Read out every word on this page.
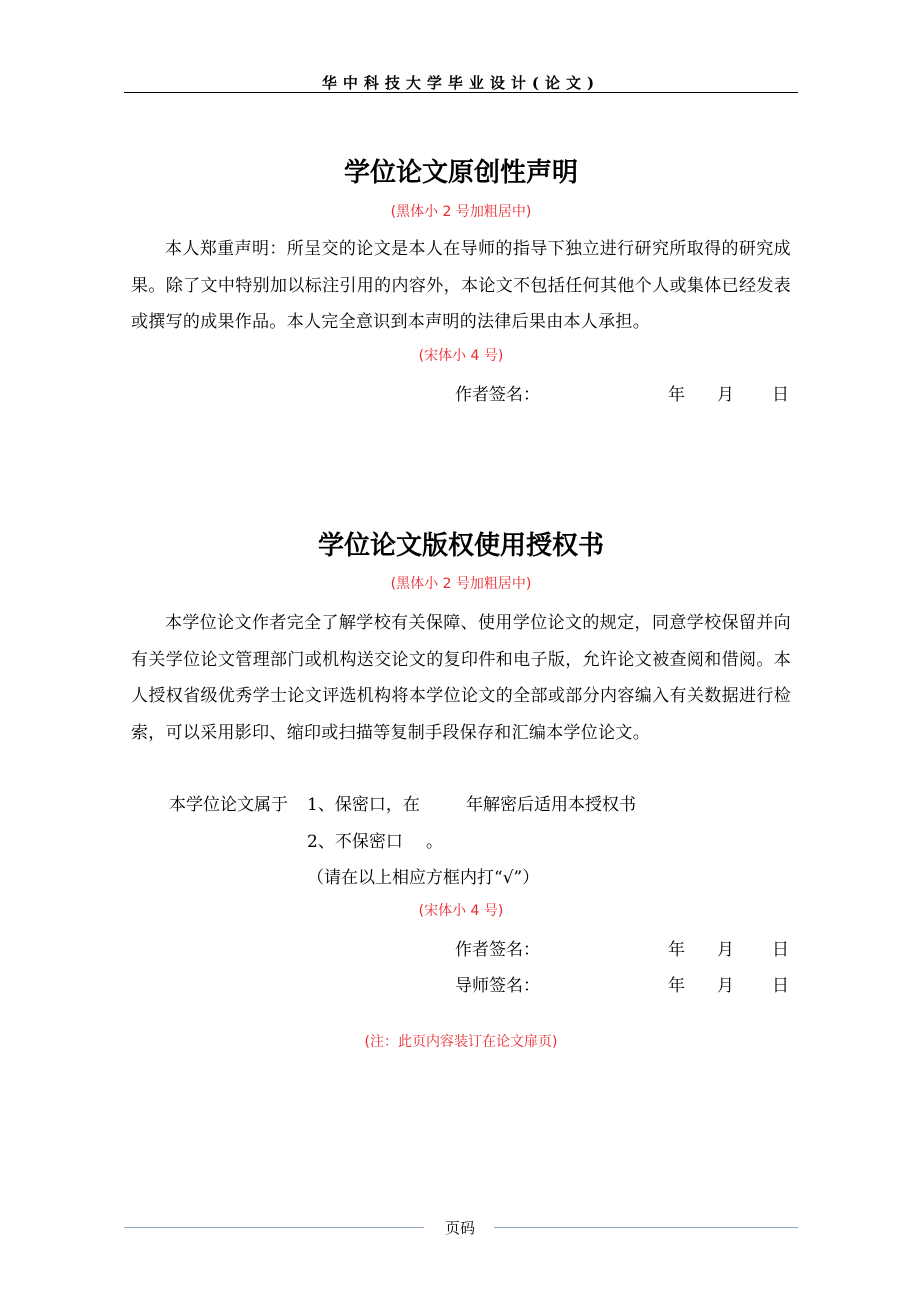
华中科技大学毕业设计(论文)
学位论文原创性声明
(黑体小 2 号加粗居中)
本人郑重声明：所呈交的论文是本人在导师的指导下独立进行研究所取得的研究成果。除了文中特别加以标注引用的内容外，本论文不包括任何其他个人或集体已经发表或撰写的成果作品。本人完全意识到本声明的法律后果由本人承担。
(宋体小 4 号)
作者签名：	年 月 日
学位论文版权使用授权书
(黑体小 2 号加粗居中)
本学位论文作者完全了解学校有关保障、使用学位论文的规定，同意学校保留并向有关学位论文管理部门或机构送交论文的复印件和电子版，允许论文被查阅和借阅。本人授权省级优秀学士论文评选机构将本学位论文的全部或部分内容编入有关数据进行检索，可以采用影印、缩印或扫描等复制手段保存和汇编本学位论文。
本学位论文属于 1、保密口，在	年解密后适用本授权书
2、不保密口 。
（请在以上相应方框内打“√”）
(宋体小 4 号)
作者签名：	年 月 日
导师签名：	年 月 日
(注：此页内容装订在论文扉页)
页码
